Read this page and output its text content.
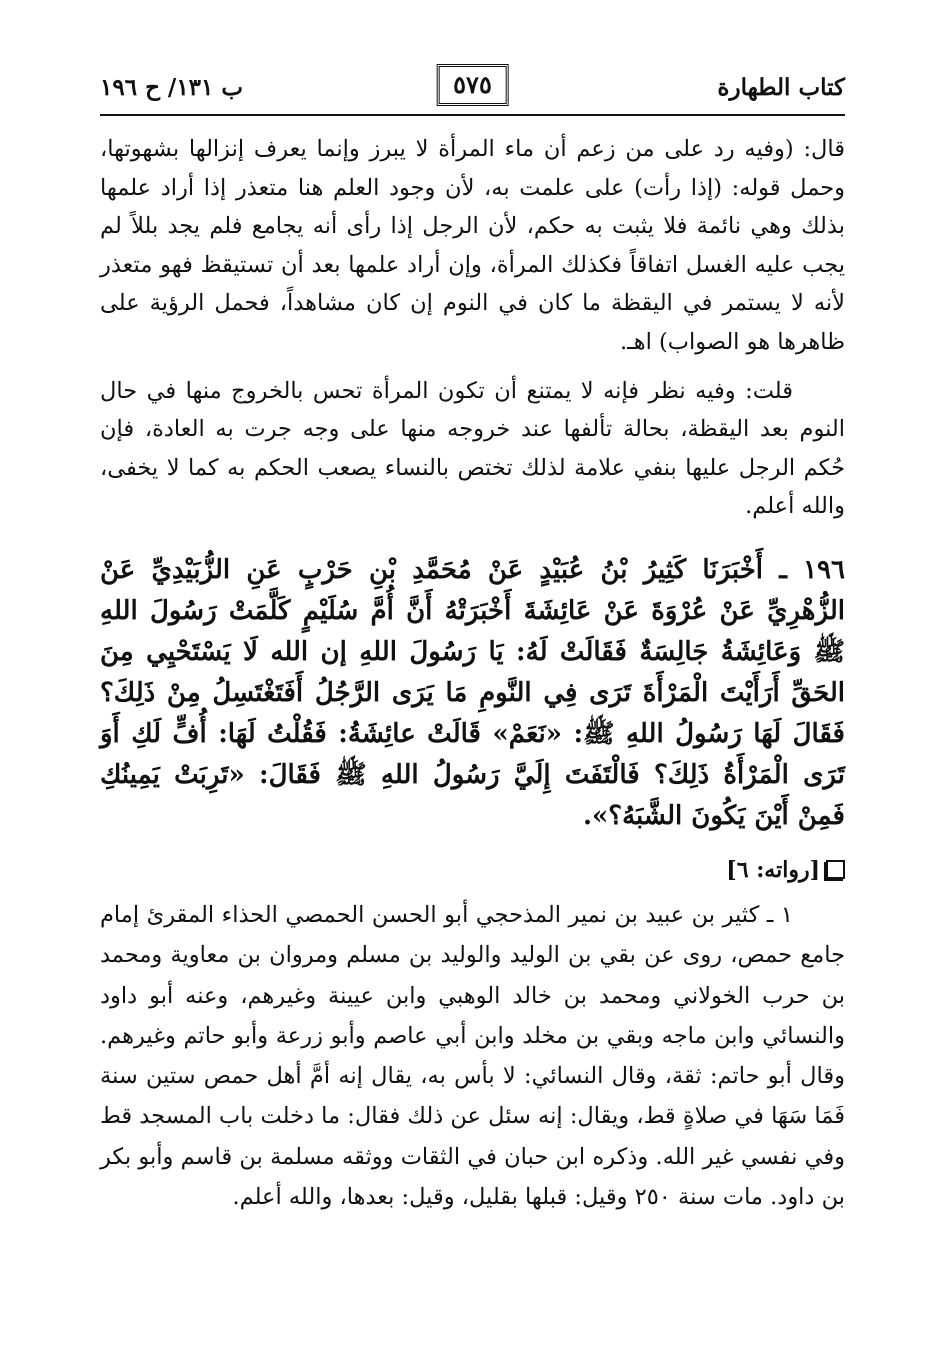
كتاب الطهارة
٥٧٥
ب ١٣١/ ح ١٩٦

قال: (وفيه رد على من زعم أن ماء المرأة لا يبرز وإنما يعرف إنزالها بشهوتها، وحمل قوله: (إذا رأت) على علمت به، لأن وجود العلم هنا متعذر إذا أراد علمها بذلك وهي نائمة فلا يثبت به حكم، لأن الرجل إذا رأى أنه يجامع فلم يجد بللاً لم يجب عليه الغسل اتفاقاً فكذلك المرأة، وإن أراد علمها بعد أن تستيقظ فهو متعذر لأنه لا يستمر في اليقظة ما كان في النوم إن كان مشاهداً، فحمل الرؤية على ظاهرها هو الصواب) اهـ.

قلت: وفيه نظر فإنه لا يمتنع أن تكون المرأة تحس بالخروج منها في حال النوم بعد اليقظة، بحالة تألفها عند خروجه منها على وجه جرت به العادة، فإن حُكم الرجل عليها بنفي علامة لذلك تختص بالنساء يصعب الحكم به كما لا يخفى، والله أعلم.

١٩٦ ـ أَخْبَرَنَا كَثِيرُ بْنُ عُبَيْدٍ عَنْ مُحَمَّدِ بْنِ حَرْبٍ عَنِ الزُّبَيْدِيِّ عَنْ الزُّهْرِيِّ عَنْ عُرْوَةَ عَنْ عَائِشَةَ أَخْبَرَتْهُ أَنَّ أُمَّ سُلَيْمٍ كَلَّمَتْ رَسُولَ اللهِ ﷺ وَعَائِشَةُ جَالِسَةٌ فَقَالَتْ لَهُ: يَا رَسُولَ اللهِ إن الله لَا يَسْتَحْيِي مِنَ الحَقِّ أَرَأَيْتَ الْمَرْأَةَ تَرَى فِي النَّومِ مَا يَرَى الرَّجُلُ أَفَتَغْتَسِلُ مِنْ ذَلِكَ؟ فَقَالَ لَهَا رَسُولُ اللهِ ﷺ: «نَعَمْ» قَالَتْ عائِشَةُ: فَقُلْتُ لَهَا: أُفٍّ لَكِ أَوَ تَرَى الْمَرْأَةُ ذَلِكَ؟ فَالْتَفَتَ إِلَيَّ رَسُولُ اللهِ ﷺ فَقَالَ: «تَرِبَتْ يَمِينُكِ فَمِنْ أَيْنَ يَكُونَ الشَّبَهُ؟».
[رواته: ٦]

١ ـ كثير بن عبيد بن نمير المذحجي أبو الحسن الحمصي الحذاء المقرئ إمام جامع حمص، روى عن بقي بن الوليد والوليد بن مسلم ومروان بن معاوية ومحمد بن حرب الخولاني ومحمد بن خالد الوهبي وابن عيينة وغيرهم، وعنه أبو داود والنسائي وابن ماجه وبقي بن مخلد وابن أبي عاصم وأبو زرعة وأبو حاتم وغيرهم. وقال أبو حاتم: ثقة، وقال النسائي: لا بأس به، يقال إنه أمَّ أهل حمص ستين سنة فَمَا سَهَا في صلاةٍ قط، ويقال: إنه سئل عن ذلك فقال: ما دخلت باب المسجد قط وفي نفسي غير الله. وذكره ابن حبان في الثقات ووثقه مسلمة بن قاسم وأبو بكر بن داود. مات سنة ٢٥٠ وقيل: قبلها بقليل، وقيل: بعدها، والله أعلم.
